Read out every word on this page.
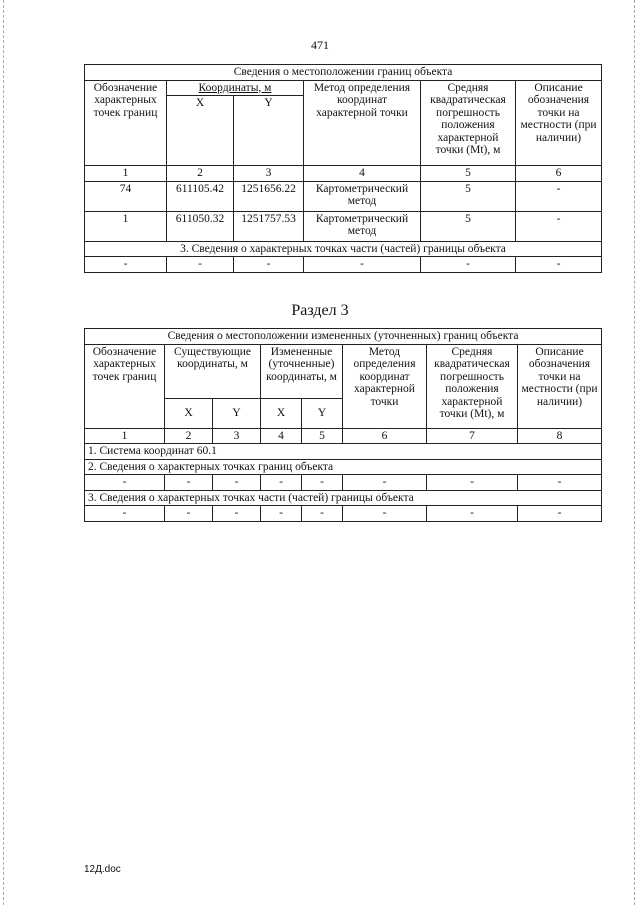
471
Сведения о местоположении границ объекта					
Обозначение характерных точек границ	Координаты, м		Метод определения координат характерной точки	Средняя квадратическая погрешность положения характерной точки (Mt), м	Описание обозначения точки на местности (при наличии)
	X	Y			
1	2	3	4	5	6
74	611105.42	1251656.22	Картометрический метод	5	-
1	611050.32	1251757.53	Картометрический метод	5	-
3. Сведения о характерных точках части (частей) границы объекта					
-	-	-	-	-	-
Раздел 3
Сведения о местоположении измененных (уточненных) границ объекта							
Обозначение характерных точек границ	Существующие координаты, м		Измененные (уточненные) координаты, м		Метод определения координат характерной точки	Средняя квадратическая погрешность положения характерной точки (Mt), м	Описание обозначения точки на местности (при наличии)
	X	Y	X	Y			
1	2	3	4	5	6	7	8
1. Система координат 60.1							
2. Сведения о характерных точках границ объекта							
-	-	-	-	-	-	-	-
3. Сведения о характерных точках части (частей) границы объекта							
-	-	-	-	-	-	-	-
12Д.doc
